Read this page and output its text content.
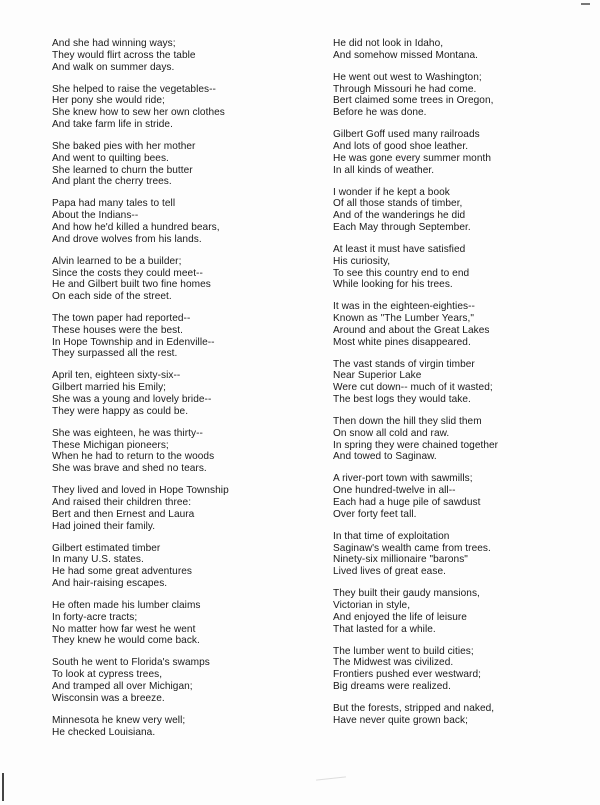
And she had winning ways;
They would flirt across the table
And walk on summer days.
She helped to raise the vegetables--
Her pony she would ride;
She knew how to sew her own clothes
And take farm life in stride.
She baked pies with her mother
And went to quilting bees.
She learned to churn the butter
And plant the cherry trees.
Papa had many tales to tell
About the Indians--
And how he'd killed a hundred bears,
And drove wolves from his lands.
Alvin learned to be a builder;
Since the costs they could meet--
He and Gilbert built two fine homes
On each side of the street.
The town paper had reported--
These houses were the best.
In Hope Township and in Edenville--
They surpassed all the rest.
April ten, eighteen sixty-six--
Gilbert married his Emily;
She was a young and lovely bride--
They were happy as could be.
She was eighteen, he was thirty--
These Michigan pioneers;
When he had to return to the woods
She was brave and shed no tears.
They lived and loved in Hope Township
And raised their children three:
Bert and then Ernest and Laura
Had joined their family.
Gilbert estimated timber
In many U.S. states.
He had some great adventures
And hair-raising escapes.
He often made his lumber claims
In forty-acre tracts;
No matter how far west he went
They knew he would come back.
South he went to Florida's swamps
To look at cypress trees,
And tramped all over Michigan;
Wisconsin was a breeze.
Minnesota he knew very well;
He checked Louisiana.
He did not look in Idaho,
And somehow missed Montana.
He went out west to Washington;
Through Missouri he had come.
Bert claimed some trees in Oregon,
Before he was done.
Gilbert Goff used many railroads
And lots of good shoe leather.
He was gone every summer month
In all kinds of weather.
I wonder if he kept a book
Of all those stands of timber,
And of the wanderings he did
Each May through September.
At least it must have satisfied
His curiosity,
To see this country end to end
While looking for his trees.
It was in the eighteen-eighties--
Known as "The Lumber Years,"
Around and about the Great Lakes
Most white pines disappeared.
The vast stands of virgin timber
Near Superior Lake
Were cut down-- much of it wasted;
The best logs they would take.
Then down the hill they slid them
On snow all cold and raw.
In spring they were chained together
And towed to Saginaw.
A river-port town with sawmills;
One hundred-twelve in all--
Each had a huge pile of sawdust
Over forty feet tall.
In that time of exploitation
Saginaw's wealth came from trees.
Ninety-six millionaire "barons"
Lived lives of great ease.
They built their gaudy mansions,
Victorian in style,
And enjoyed the life of leisure
That lasted for a while.
The lumber went to build cities;
The Midwest was civilized.
Frontiers pushed ever westward;
Big dreams were realized.
But the forests, stripped and naked,
Have never quite grown back;
